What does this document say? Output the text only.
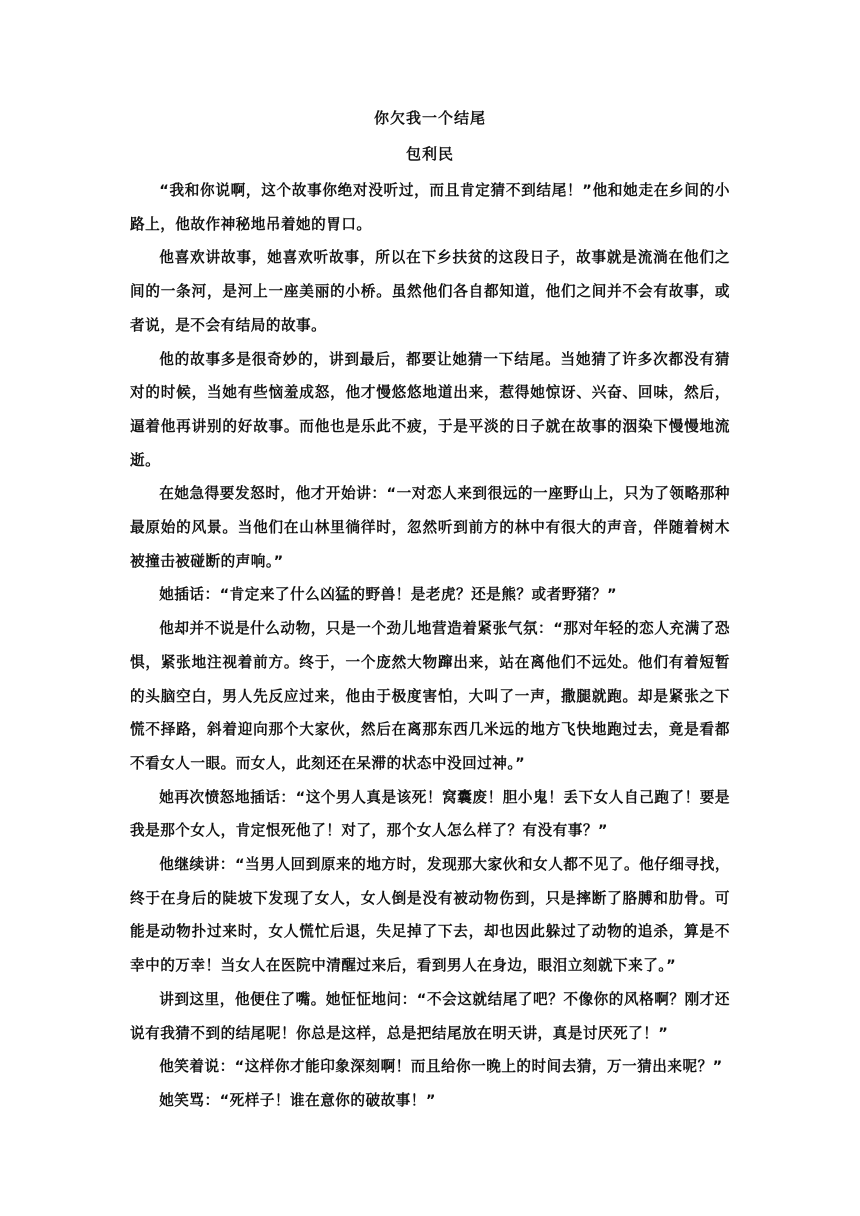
你欠我一个结尾
包利民

“我和你说啊，这个故事你绝对没听过，而且肯定猜不到结尾！”他和她走在乡间的小路上，他故作神秘地吊着她的胃口。

他喜欢讲故事，她喜欢听故事，所以在下乡扶贫的这段日子，故事就是流淌在他们之间的一条河，是河上一座美丽的小桥。虽然他们各自都知道，他们之间并不会有故事，或者说，是不会有结局的故事。

他的故事多是很奇妙的，讲到最后，都要让她猜一下结尾。当她猜了许多次都没有猜对的时候，当她有些恼羞成怒，他才慢悠悠地道出来，惹得她惊讶、兴奋、回味，然后，逼着他再讲别的好故事。而他也是乐此不疲，于是平淡的日子就在故事的洇染下慢慢地流逝。

在她急得要发怒时，他才开始讲：“一对恋人来到很远的一座野山上，只为了领略那种最原始的风景。当他们在山林里徜徉时，忽然听到前方的林中有很大的声音，伴随着树木被撞击被碰断的声响。”

她插话：“肯定来了什么凶猛的野兽！是老虎？还是熊？或者野猪？”

他却并不说是什么动物，只是一个劲儿地营造着紧张气氛：“那对年轻的恋人充满了恐惧，紧张地注视着前方。终于，一个庞然大物蹿出来，站在离他们不远处。他们有着短暂的头脑空白，男人先反应过来，他由于极度害怕，大叫了一声，撒腿就跑。却是紧张之下慌不择路，斜着迎向那个大家伙，然后在离那东西几米远的地方飞快地跑过去，竟是看都不看女人一眼。而女人，此刻还在呆滞的状态中没回过神。”

她再次愤怒地插话：“这个男人真是该死！窝囊废！胆小鬼！丢下女人自己跑了！要是我是那个女人，肯定恨死他了！对了，那个女人怎么样了？有没有事？”

他继续讲：“当男人回到原来的地方时，发现那大家伙和女人都不见了。他仔细寻找，终于在身后的陡坡下发现了女人，女人倒是没有被动物伤到，只是摔断了胳膊和肋骨。可能是动物扑过来时，女人慌忙后退，失足掉了下去，却也因此躲过了动物的追杀，算是不幸中的万幸！当女人在医院中清醒过来后，看到男人在身边，眼泪立刻就下来了。”

讲到这里，他便住了嘴。她怔怔地问：“不会这就结尾了吧？不像你的风格啊？刚才还说有我猜不到的结尾呢！你总是这样，总是把结尾放在明天讲，真是讨厌死了！”

他笑着说：“这样你才能印象深刻啊！而且给你一晚上的时间去猜，万一猜出来呢？”

她笑骂：“死样子！谁在意你的破故事！”
